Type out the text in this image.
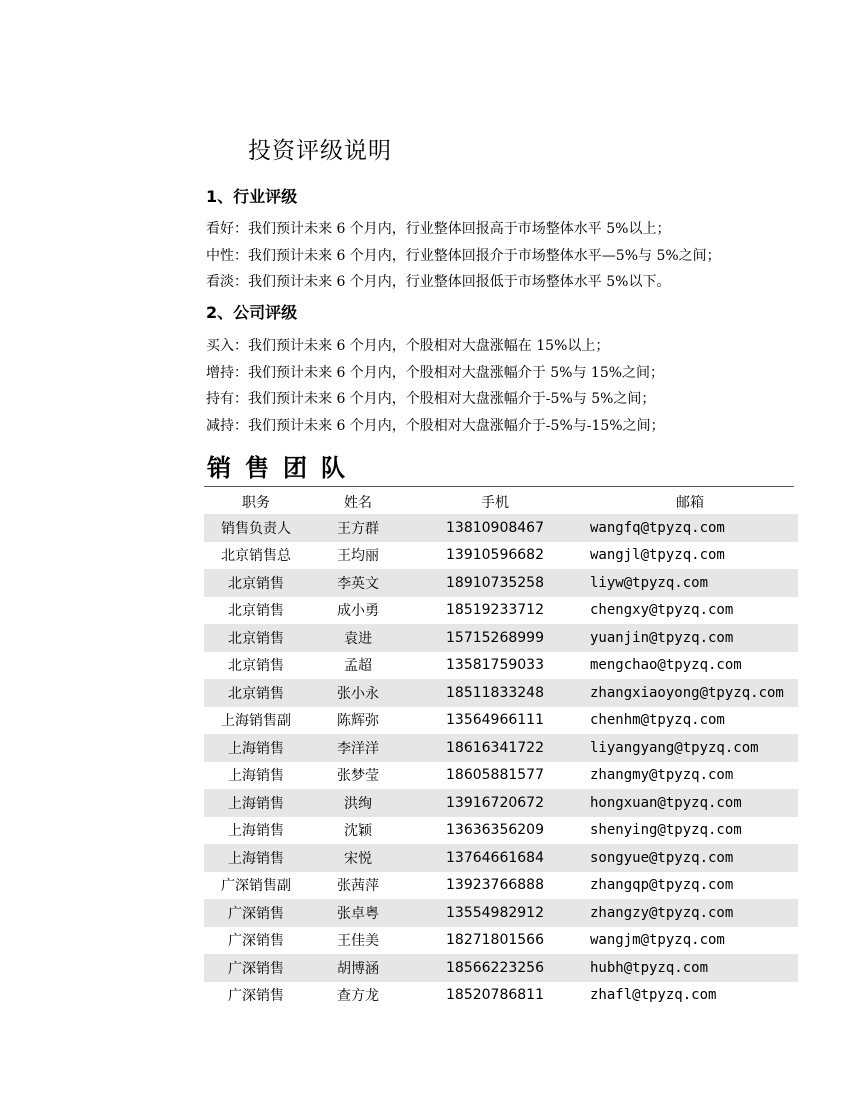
投资评级说明
1、行业评级

看好：我们预计未来 6 个月内，行业整体回报高于市场整体水平 5%以上；

中性：我们预计未来 6 个月内，行业整体回报介于市场整体水平—5%与 5%之间；

看淡：我们预计未来 6 个月内，行业整体回报低于市场整体水平 5%以下。

2、公司评级

买入：我们预计未来 6 个月内，个股相对大盘涨幅在 15%以上；

增持：我们预计未来 6 个月内，个股相对大盘涨幅介于 5%与 15%之间；

持有：我们预计未来 6 个月内，个股相对大盘涨幅介于-5%与 5%之间；

减持：我们预计未来 6 个月内，个股相对大盘涨幅介于-5%与-15%之间；

销售团队
职务	姓名	手机	邮箱
销售负责人	王方群	13810908467	wangfq@tpyzq.com
北京销售总	王均丽	13910596682	wangjl@tpyzq.com
北京销售	李英文	18910735258	liyw@tpyzq.com
北京销售	成小勇	18519233712	chengxy@tpyzq.com
北京销售	袁进	15715268999	yuanjin@tpyzq.com
北京销售	孟超	13581759033	mengchao@tpyzq.com
北京销售	张小永	18511833248	zhangxiaoyong@tpyzq.com
上海销售副	陈辉弥	13564966111	chenhm@tpyzq.com
上海销售	李洋洋	18616341722	liyangyang@tpyzq.com
上海销售	张梦莹	18605881577	zhangmy@tpyzq.com
上海销售	洪绚	13916720672	hongxuan@tpyzq.com
上海销售	沈颖	13636356209	shenying@tpyzq.com
上海销售	宋悦	13764661684	songyue@tpyzq.com
广深销售副	张茜萍	13923766888	zhangqp@tpyzq.com
广深销售	张卓粤	13554982912	zhangzy@tpyzq.com
广深销售	王佳美	18271801566	wangjm@tpyzq.com
广深销售	胡博涵	18566223256	hubh@tpyzq.com
广深销售	查方龙	18520786811	zhafl@tpyzq.com
